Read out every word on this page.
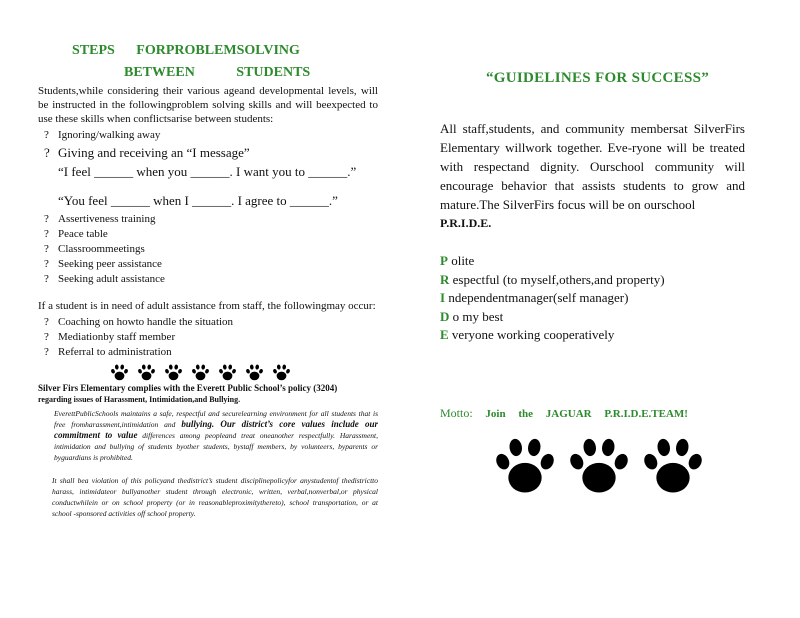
STEPS FORPROBLEMSOLVING
BETWEEN STUDENTS

Students,while considering their various ageand developmental levels, will be instructed in the followingproblem solving skills and will beexpected to use these skills when conflictsarise between students:

? Ignoring/walking away
? Giving and receiving an “I message”
“I feel ______ when you ______. I want you to ______.”
“You feel ______ when I ______. I agree to ______.”
? Assertiveness training
? Peace table
? Classroommeetings
? Seeking peer assistance
? Seeking adult assistance

If a student is in need of adult assistance from staff, the followingmay occur:

? Coaching on howto handle the situation
? Mediationby staff member
? Referral to administration
Silver Firs Elementary complies with the Everett Public School’s policy (3204)
regarding issues of Harassment, Intimidation,and Bullying.

EverettPublicSchools maintains a safe, respectful and securelearning environment for all students that is free fromharassment,intimidation and bullying. Our district’s core values include our commitment to value differences among peopleand treat oneanother respectfully. Harassment, intimidation and bullying of students byother students, bystaff members, by volunteers, byparents or byguardians is prohibited.

It shall bea violation of this policyand thedistrict’s student disciplinepolicyfor anystudentof thedistrictto harass, intimidateor bullyanother student through electronic, written, verbal,nonverbal,or physical conductwhilein or on school property (or in reasonableproximitythereto), school transportation, or at school -sponsored activities off school property.

“GUIDELINES FOR SUCCESS”

All staff,students, and community membersat SilverFirs Elementary willwork together. Eve-ryone will be treated with respectand dignity. Ourschool community will encourage behavior that assists students to grow and mature.The SilverFirs focus will be on ourschool

P.R.I.D.E.
P olite
R espectful (to myself,others,and property)
I ndependentmanager(self manager)
D o my best
E veryone working cooperatively
Motto: Join the JAGUAR P.R.I.D.E.TEAM!
